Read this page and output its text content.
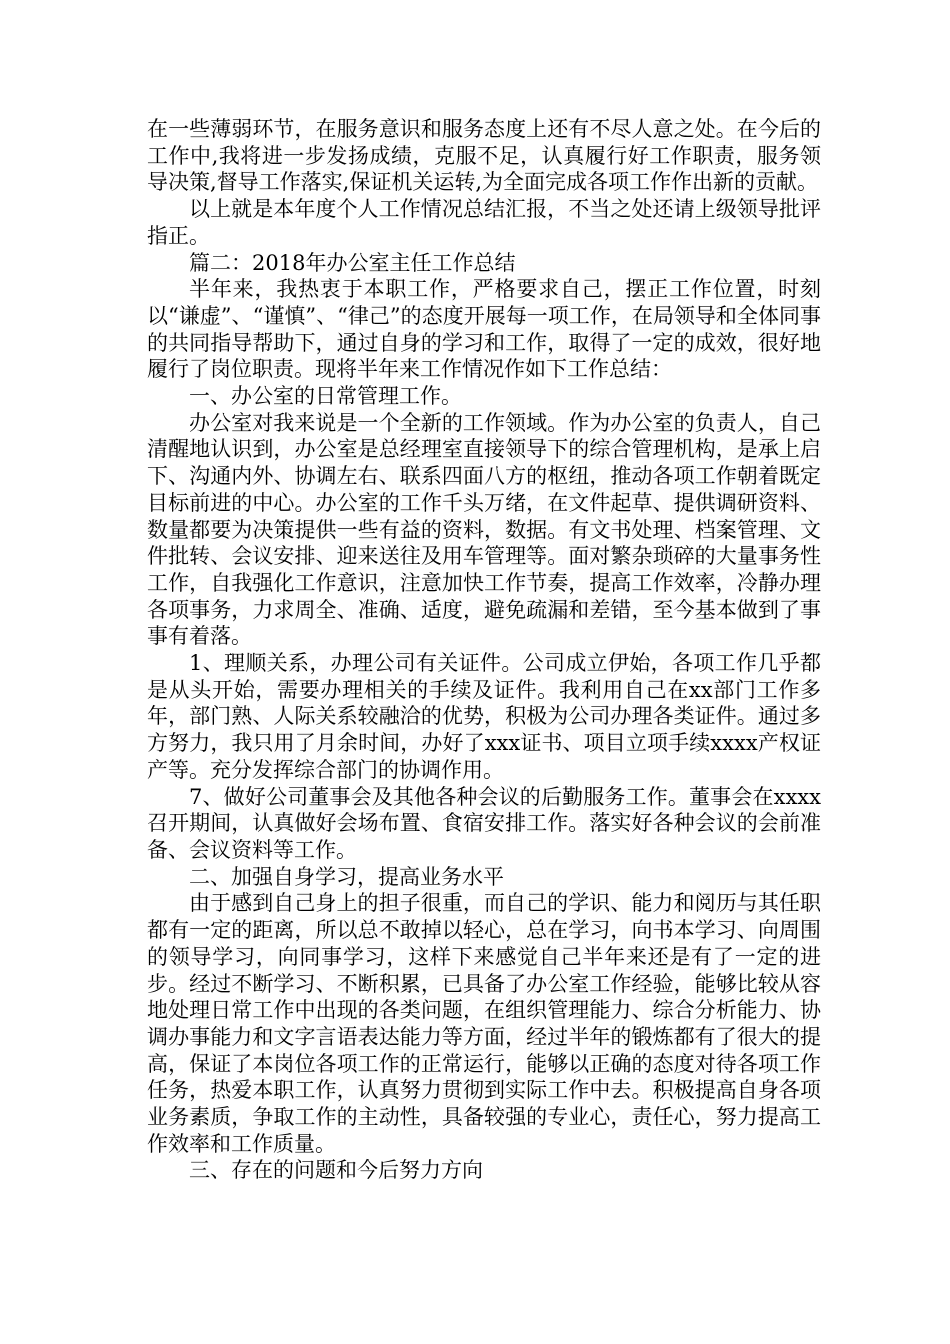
在一些薄弱环节，在服务意识和服务态度上还有不尽人意之处。在今后的工作中,我将进一步发扬成绩，克服不足，认真履行好工作职责，服务领导决策,督导工作落实,保证机关运转,为全面完成各项工作作出新的贡献。

以上就是本年度个人工作情况总结汇报，不当之处还请上级领导批评指正。

篇二：2018年办公室主任工作总结

半年来，我热衷于本职工作，严格要求自己，摆正工作位置，时刻以“谦虚”、“谨慎”、“律己”的态度开展每一项工作，在局领导和全体同事的共同指导帮助下，通过自身的学习和工作，取得了一定的成效，很好地履行了岗位职责。现将半年来工作情况作如下工作总结：

一、办公室的日常管理工作。

办公室对我来说是一个全新的工作领域。作为办公室的负责人，自己清醒地认识到，办公室是总经理室直接领导下的综合管理机构，是承上启下、沟通内外、协调左右、联系四面八方的枢纽，推动各项工作朝着既定目标前进的中心。办公室的工作千头万绪，在文件起草、提供调研资料、数量都要为决策提供一些有益的资料，数据。有文书处理、档案管理、文件批转、会议安排、迎来送往及用车管理等。面对繁杂琐碎的大量事务性工作，自我强化工作意识，注意加快工作节奏，提高工作效率，冷静办理各项事务，力求周全、准确、适度，避免疏漏和差错，至今基本做到了事事有着落。

1、理顺关系，办理公司有关证件。公司成立伊始，各项工作几乎都是从头开始，需要办理相关的手续及证件。我利用自己在xx部门工作多年，部门熟、人际关系较融洽的优势，积极为公司办理各类证件。通过多方努力，我只用了月余时间，办好了xxx证书、项目立项手续xxxx产权证产等。充分发挥综合部门的协调作用。

7、做好公司董事会及其他各种会议的后勤服务工作。董事会在xxxx召开期间，认真做好会场布置、食宿安排工作。落实好各种会议的会前准备、会议资料等工作。

二、加强自身学习，提高业务水平

由于感到自己身上的担子很重，而自己的学识、能力和阅历与其任职都有一定的距离，所以总不敢掉以轻心，总在学习，向书本学习、向周围的领导学习，向同事学习，这样下来感觉自己半年来还是有了一定的进步。经过不断学习、不断积累，已具备了办公室工作经验，能够比较从容地处理日常工作中出现的各类问题，在组织管理能力、综合分析能力、协调办事能力和文字言语表达能力等方面，经过半年的锻炼都有了很大的提高，保证了本岗位各项工作的正常运行，能够以正确的态度对待各项工作任务，热爱本职工作，认真努力贯彻到实际工作中去。积极提高自身各项业务素质，争取工作的主动性，具备较强的专业心，责任心，努力提高工作效率和工作质量。

三、存在的问题和今后努力方向
